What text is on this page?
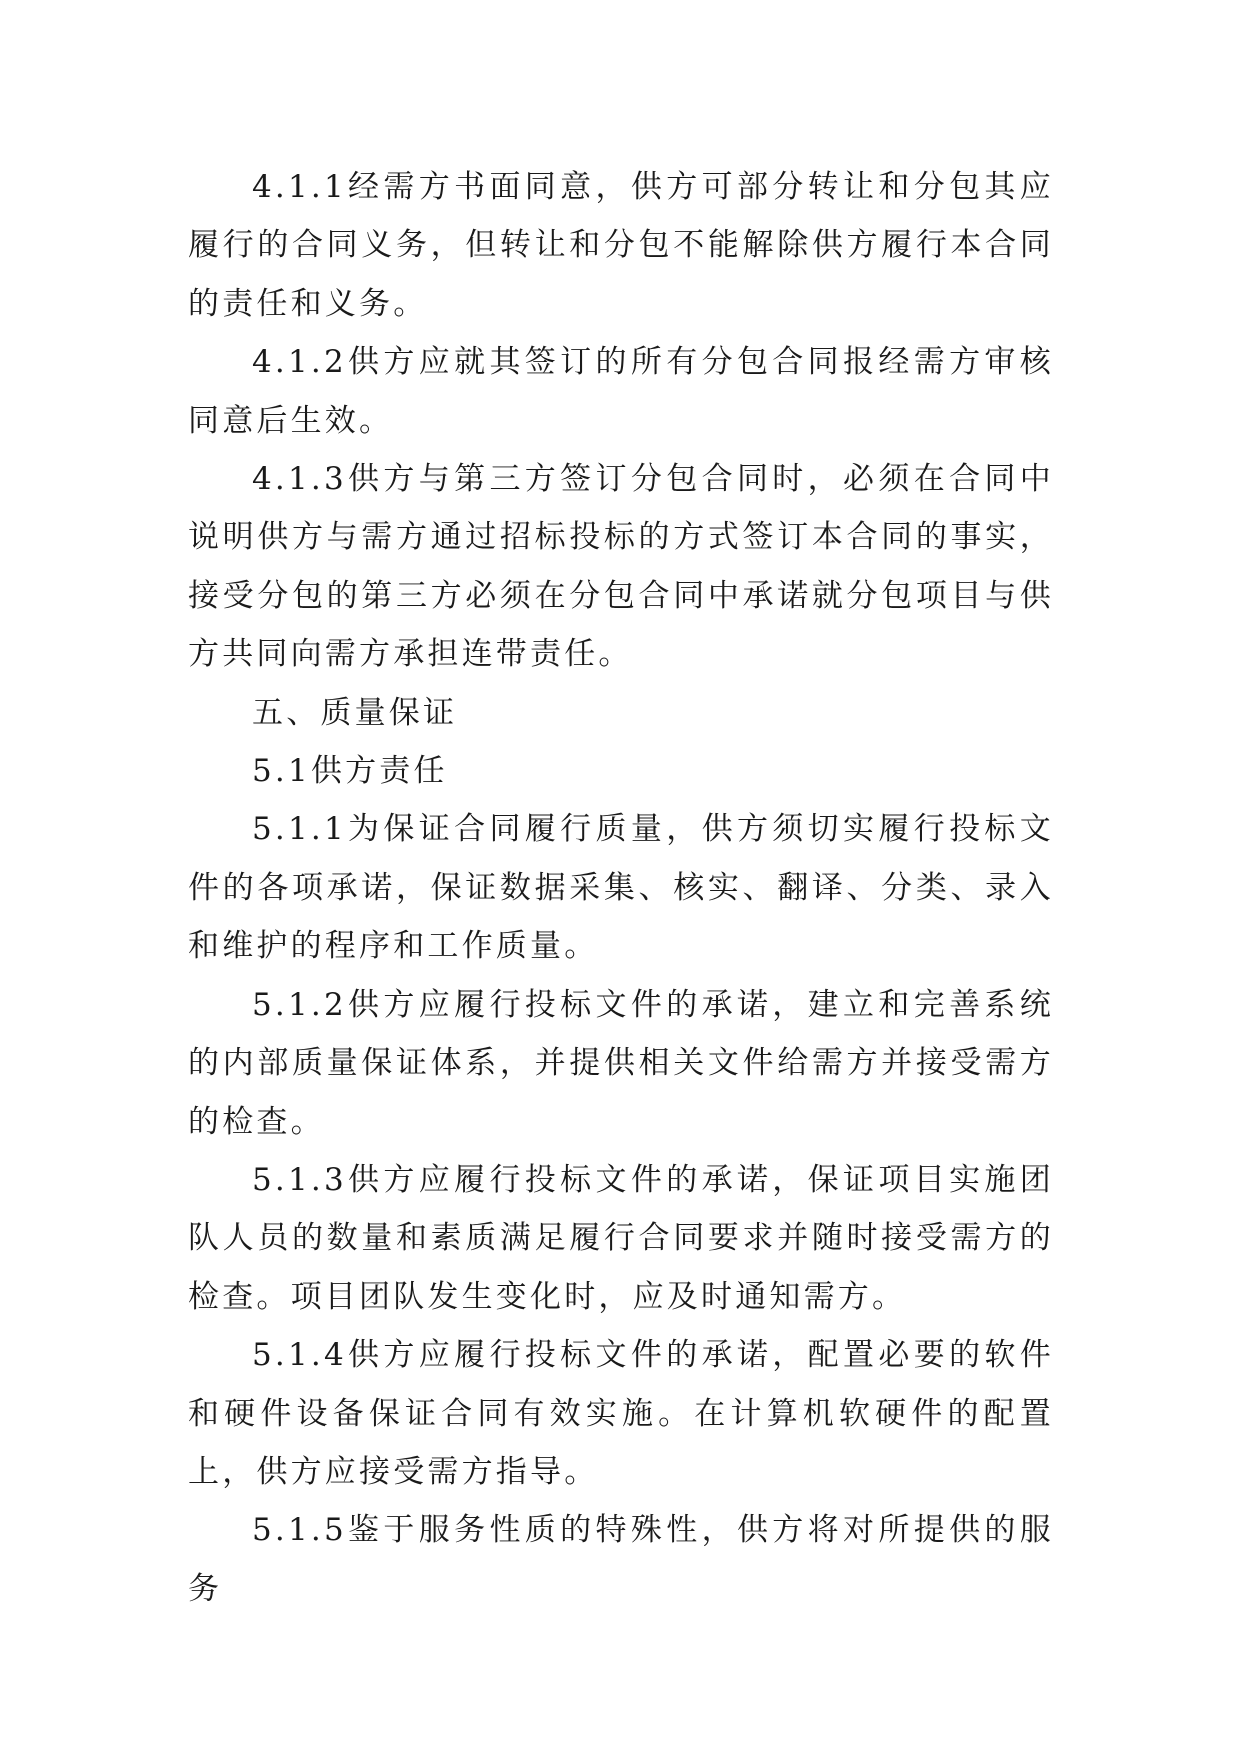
4.1.1经需方书面同意，供方可部分转让和分包其应履行的合同义务，但转让和分包不能解除供方履行本合同的责任和义务。

4.1.2供方应就其签订的所有分包合同报经需方审核同意后生效。

4.1.3供方与第三方签订分包合同时，必须在合同中说明供方与需方通过招标投标的方式签订本合同的事实，接受分包的第三方必须在分包合同中承诺就分包项目与供方共同向需方承担连带责任。

五、质量保证

5.1供方责任

5.1.1为保证合同履行质量，供方须切实履行投标文件的各项承诺，保证数据采集、核实、翻译、分类、录入和维护的程序和工作质量。

5.1.2供方应履行投标文件的承诺，建立和完善系统的内部质量保证体系，并提供相关文件给需方并接受需方的检查。

5.1.3供方应履行投标文件的承诺，保证项目实施团队人员的数量和素质满足履行合同要求并随时接受需方的检查。项目团队发生变化时，应及时通知需方。

5.1.4供方应履行投标文件的承诺，配置必要的软件和硬件设备保证合同有效实施。在计算机软硬件的配置上，供方应接受需方指导。

5.1.5鉴于服务性质的特殊性，供方将对所提供的服务
